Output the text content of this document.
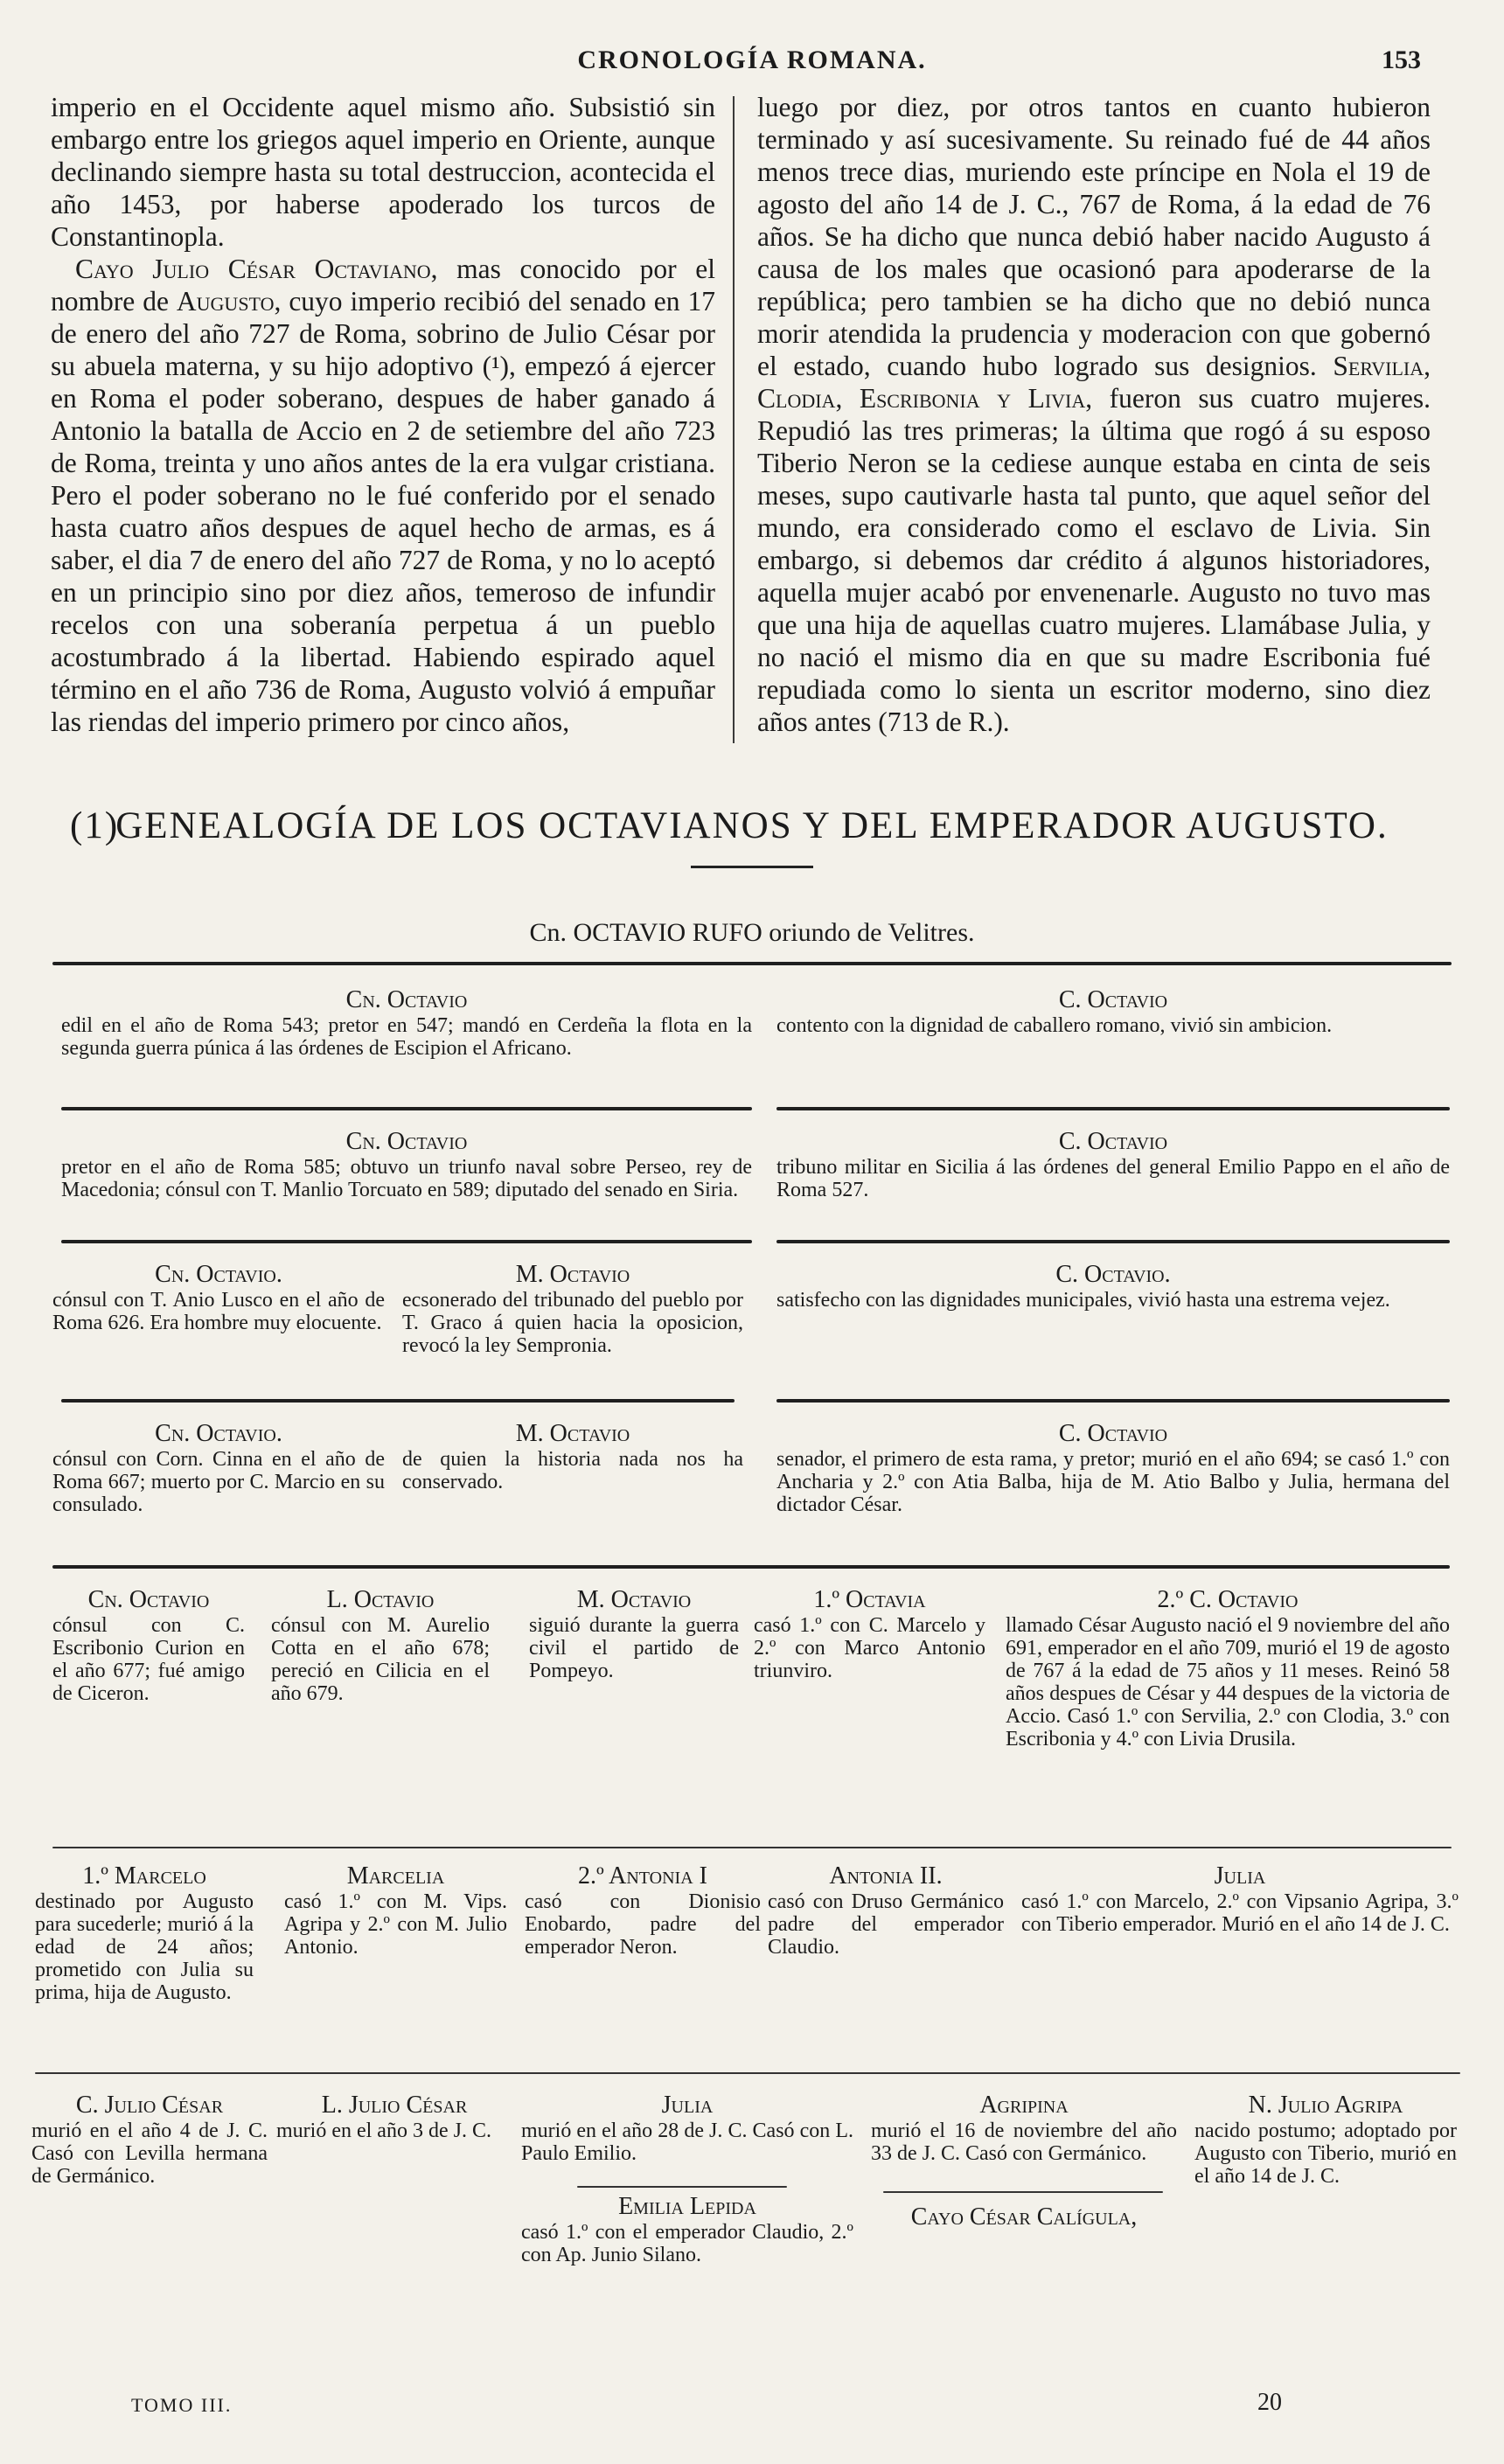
CRONOLOGÍA ROMANA.	153

imperio en el Occidente aquel mismo año. Subsistió sin embargo entre los griegos aquel imperio en Oriente, aunque declinando siempre hasta su total destruccion, acontecida el año 1453, por haberse apoderado los turcos de Constantinopla.

Cayo Julio César Octaviano, mas conocido por el nombre de Augusto, cuyo imperio recibió del senado en 17 de enero del año 727 de Roma, sobrino de Julio César por su abuela materna, y su hijo adoptivo (¹), empezó á ejercer en Roma el poder soberano, despues de haber ganado á Antonio la batalla de Accio en 2 de setiembre del año 723 de Roma, treinta y uno años antes de la era vulgar cristiana. Pero el poder soberano no le fué conferido por el senado hasta cuatro años despues de aquel hecho de armas, es á saber, el dia 7 de enero del año 727 de Roma, y no lo aceptó en un principio sino por diez años, temeroso de infundir recelos con una soberanía perpetua á un pueblo acostumbrado á la libertad. Habiendo espirado aquel término en el año 736 de Roma, Augusto volvió á empuñar las riendas del imperio primero por cinco años,

luego por diez, por otros tantos en cuanto hubieron terminado y así sucesivamente. Su reinado fué de 44 años menos trece dias, muriendo este príncipe en Nola el 19 de agosto del año 14 de J. C., 767 de Roma, á la edad de 76 años. Se ha dicho que nunca debió haber nacido Augusto á causa de los males que ocasionó para apoderarse de la república; pero tambien se ha dicho que no debió nunca morir atendida la prudencia y moderacion con que gobernó el estado, cuando hubo logrado sus designios. Servilia, Clodia, Escribonia y Livia, fueron sus cuatro mujeres. Repudió las tres primeras; la última que rogó á su esposo Tiberio Neron se la cediese aunque estaba en cinta de seis meses, supo cautivarle hasta tal punto, que aquel señor del mundo, era considerado como el esclavo de Livia. Sin embargo, si debemos dar crédito á algunos historiadores, aquella mujer acabó por envenenarle. Augusto no tuvo mas que una hija de aquellas cuatro mujeres. Llamábase Julia, y no nació el mismo dia en que su madre Escribonia fué repudiada como lo sienta un escritor moderno, sino diez años antes (713 de R.).

(1)
GENEALOGÍA DE LOS OCTAVIANOS Y DEL EMPERADOR AUGUSTO.
Cn. OCTAVIO RUFO oriundo de Velitres.
Cn. Octavio
edil en el año de Roma 543; pretor en 547; mandó en Cerdeña la flota en la segunda guerra púnica á las órdenes de Escipion el Africano.
C. Octavio
contento con la dignidad de caballero romano, vivió sin ambicion.
Cn. Octavio
pretor en el año de Roma 585; obtuvo un triunfo naval sobre Perseo, rey de Macedonia; cónsul con T. Manlio Torcuato en 589; diputado del senado en Siria.
C. Octavio
tribuno militar en Sicilia á las órdenes del general Emilio Pappo en el año de Roma 527.
Cn. Octavio.
cónsul con T. Anio Lusco en el año de Roma 626. Era hombre muy elocuente.
M. Octavio
ecsonerado del tribunado del pueblo por T. Graco á quien hacia la oposicion, revocó la ley Sempronia.
C. Octavio.
satisfecho con las dignidades municipales, vivió hasta una estrema vejez.
Cn. Octavio.
cónsul con Corn. Cinna en el año de Roma 667; muerto por C. Marcio en su consulado.
M. Octavio
de quien la historia nada nos ha conservado.
C. Octavio
senador, el primero de esta rama, y pretor; murió en el año 694; se casó 1.º con Ancharia y 2.º con Atia Balba, hija de M. Atio Balbo y Julia, hermana del dictador César.
Cn. Octavio
cónsul con C. Escribonio Curion en el año 677; fué amigo de Ciceron.
L. Octavio
cónsul con M. Aurelio Cotta en el año 678; pereció en Cilicia en el año 679.
M. Octavio
siguió durante la guerra civil el partido de Pompeyo.
1.º Octavia
casó 1.º con C. Marcelo y 2.º con Marco Antonio triunviro.
2.º C. Octavio
llamado César Augusto nació el 9 noviembre del año 691, emperador en el año 709, murió el 19 de agosto de 767 á la edad de 75 años y 11 meses. Reinó 58 años despues de César y 44 despues de la victoria de Accio. Casó 1.º con Servilia, 2.º con Clodia, 3.º con Escribonia y 4.º con Livia Drusila.
1.º Marcelo
destinado por Augusto para sucederle; murió á la edad de 24 años; prometido con Julia su prima, hija de Augusto.
Marcelia
casó 1.º con M. Vips. Agripa y 2.º con M. Julio Antonio.
2.º Antonia I
casó con Dionisio Enobardo, padre del emperador Neron.
Antonia II.
casó con Druso Germánico padre del emperador Claudio.
Julia
casó 1.º con Marcelo, 2.º con Vipsanio Agripa, 3.º con Tiberio emperador. Murió en el año 14 de J. C.
C. Julio César
murió en el año 4 de J. C. Casó con Levilla hermana de Germánico.
L. Julio César
murió en el año 3 de J. C.
Julia
murió en el año 28 de J. C. Casó con L. Paulo Emilio.
Emilia Lepida
casó 1.º con el emperador Claudio, 2.º con Ap. Junio Silano.
Agripina
murió el 16 de noviembre del año 33 de J. C. Casó con Germánico.
Cayo César Calígula,
N. Julio Agripa
nacido postumo; adoptado por Augusto con Tiberio, murió en el año 14 de J. C.
TOMO III.	20
